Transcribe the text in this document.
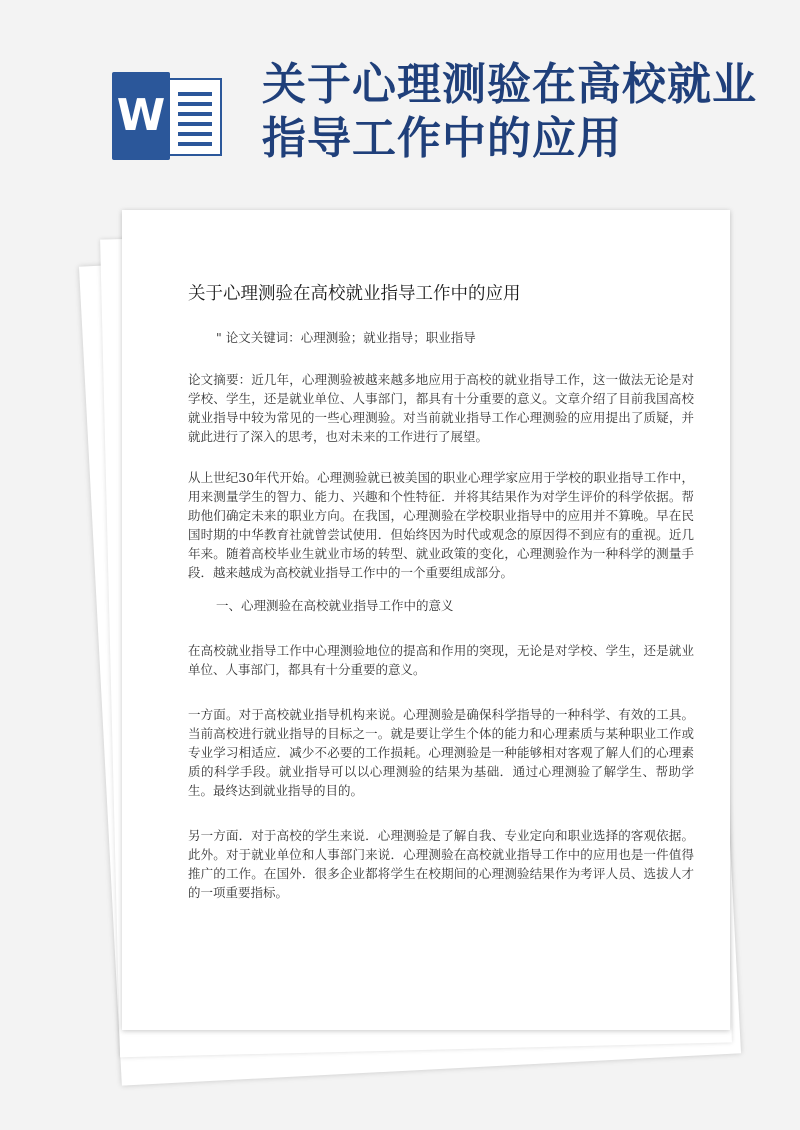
W
关于心理测验在高校就业指导工作中的应用
关于心理测验在高校就业指导工作中的应用

" 论文关键词：心理测验；就业指导；职业指导

论文摘要：近几年，心理测验被越来越多地应用于高校的就业指导工作，这一做法无论是对学校、学生，还是就业单位、人事部门，都具有十分重要的意义。文章介绍了目前我国高校就业指导中较为常见的一些心理测验。对当前就业指导工作心理测验的应用提出了质疑，并就此进行了深入的思考，也对未来的工作进行了展望。

从上世纪30年代开始。心理测验就已被美国的职业心理学家应用于学校的职业指导工作中，用来测量学生的智力、能力、兴趣和个性特征．并将其结果作为对学生评价的科学依据。帮助他们确定未来的职业方向。在我国，心理测验在学校职业指导中的应用并不算晚。早在民国时期的中华教育社就曾尝试使用．但始终因为时代或观念的原因得不到应有的重视。近几年来。随着高校毕业生就业市场的转型、就业政策的变化，心理测验作为一种科学的测量手段．越来越成为高校就业指导工作中的一个重要组成部分。

一、心理测验在高校就业指导工作中的意义

在高校就业指导工作中心理测验地位的提高和作用的突现，无论是对学校、学生，还是就业单位、人事部门，都具有十分重要的意义。

一方面。对于高校就业指导机构来说。心理测验是确保科学指导的一种科学、有效的工具。当前高校进行就业指导的目标之一。就是要让学生个体的能力和心理素质与某种职业工作或专业学习相适应．减少不必要的工作损耗。心理测验是一种能够相对客观了解人们的心理素质的科学手段。就业指导可以以心理测验的结果为基础．通过心理测验了解学生、帮助学生。最终达到就业指导的目的。

另一方面．对于高校的学生来说．心理测验是了解自我、专业定向和职业选择的客观依据。此外。对于就业单位和人事部门来说．心理测验在高校就业指导工作中的应用也是一件值得推广的工作。在国外．很多企业都将学生在校期间的心理测验结果作为考评人员、选拔人才的一项重要指标。
